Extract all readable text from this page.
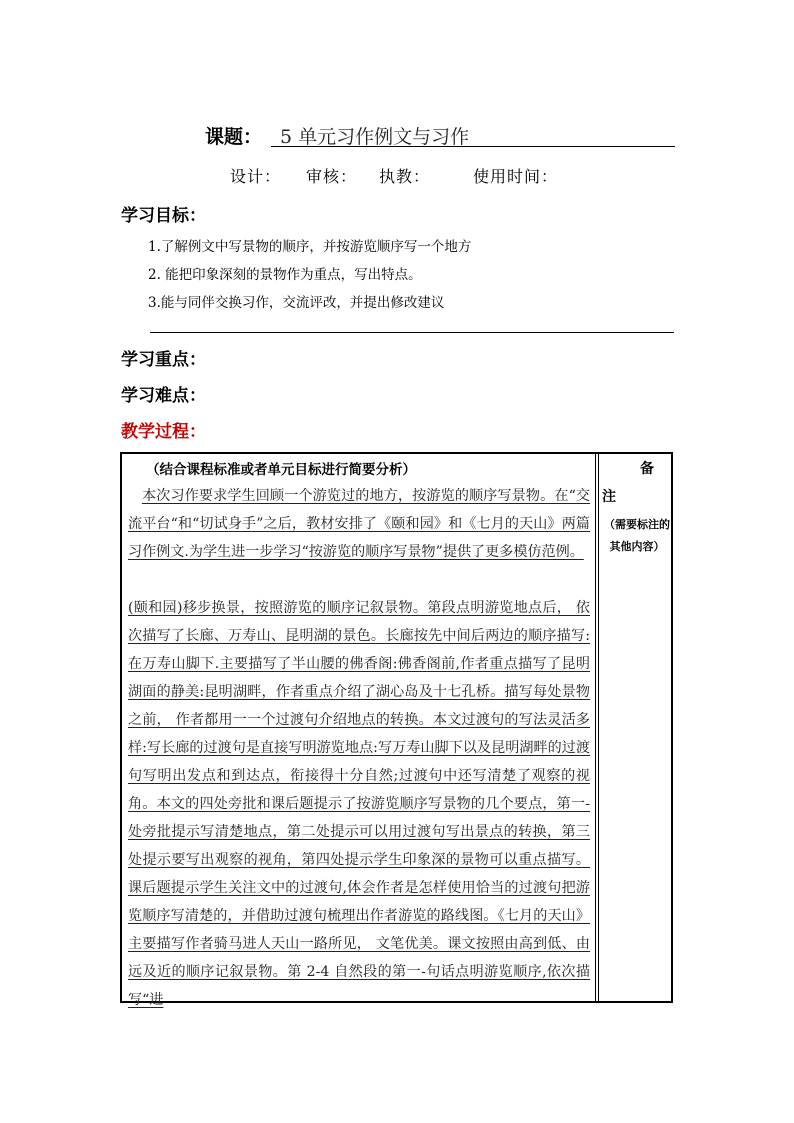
课题： 5 单元习作例文与习作

设计：

审核：

执教：

	使用时间：

学习目标：
1.了解例文中写景物的顺序，并按游览顺序写一个地方
2. 能把印象深刻的景物作为重点，写出特点。
3.能与同伴交换习作，交流评改，并提出修改建议
学习重点：
学习难点：
教学过程：
（结合课程标准或者单元目标进行简要分析）

本次习作要求学生回顾一个游览过的地方，按游览的顺序写景物。在“交流平台“和“切试身手”之后，教材安排了《颐和园》和《七月的天山》两篇习作例文.为学生进一步学习“按游览的顺序写景物”提供了更多模仿范例。

(颐和园)移步换景，按照游览的顺序记叙景物。第段点明游览地点后， 依次描写了长廊、万寿山、昆明湖的景色。长廊按先中间后两边的顺序描写:在万寿山脚下.主要描写了半山腰的佛香阁:佛香阁前,作者重点描写了昆明湖面的静美:昆明湖畔，作者重点介绍了湖心岛及十七孔桥。描写每处景物之前， 作者都用一一个过渡句介绍地点的转换。本文过渡句的写法灵活多样:写长廊的过渡句是直接写明游览地点:写万寿山脚下以及昆明湖畔的过渡句写明出发点和到达点，衔接得十分自然;过渡句中还写清楚了观察的视角。本文的四处旁批和课后题提示了按游览顺序写景物的几个要点，第一-处旁批提示写清楚地点，第二处提示可以用过渡句写出景点的转换，第三处提示要写出观察的视角，第四处提示学生印象深的景物可以重点描写。课后题提示学生关注文中的过渡句,体会作者是怎样使用恰当的过渡句把游览顺序写清楚的，并借助过渡句梳理出作者游览的路线图。《七月的天山》主要描写作者骑马进人天山一路所见， 文笔优美。课文按照由高到低、由远及近的顺序记叙景物。第 2-4 自然段的第一-句话点明游览顺序,依次描写“进

备
注
（需要标注的其他内容）
